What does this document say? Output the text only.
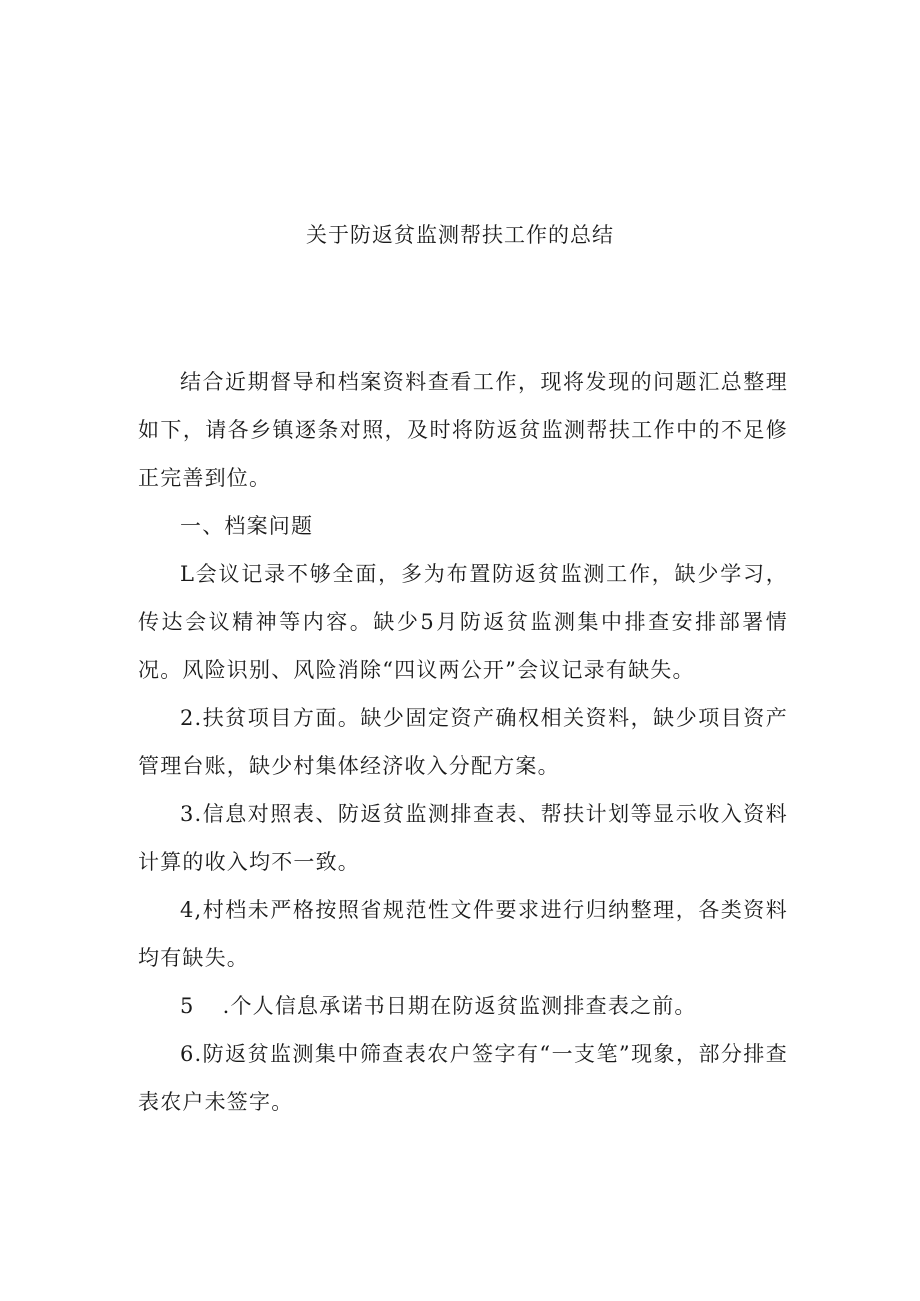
关于防返贫监测帮扶工作的总结

结合近期督导和档案资料查看工作，现将发现的问题汇总整理如下，请各乡镇逐条对照，及时将防返贫监测帮扶工作中的不足修正完善到位。

一、档案问题

L会议记录不够全面，多为布置防返贫监测工作，缺少学习，传达会议精神等内容。缺少5月防返贫监测集中排查安排部署情况。风险识别、风险消除“四议两公开”会议记录有缺失。

2.扶贫项目方面。缺少固定资产确权相关资料，缺少项目资产管理台账，缺少村集体经济收入分配方案。

3.信息对照表、防返贫监测排查表、帮扶计划等显示收入资料计算的收入均不一致。

4,村档未严格按照省规范性文件要求进行归纳整理，各类资料均有缺失。

5 .个人信息承诺书日期在防返贫监测排查表之前。

6.防返贫监测集中筛查表农户签字有“一支笔”现象，部分排查表农户未签字。
